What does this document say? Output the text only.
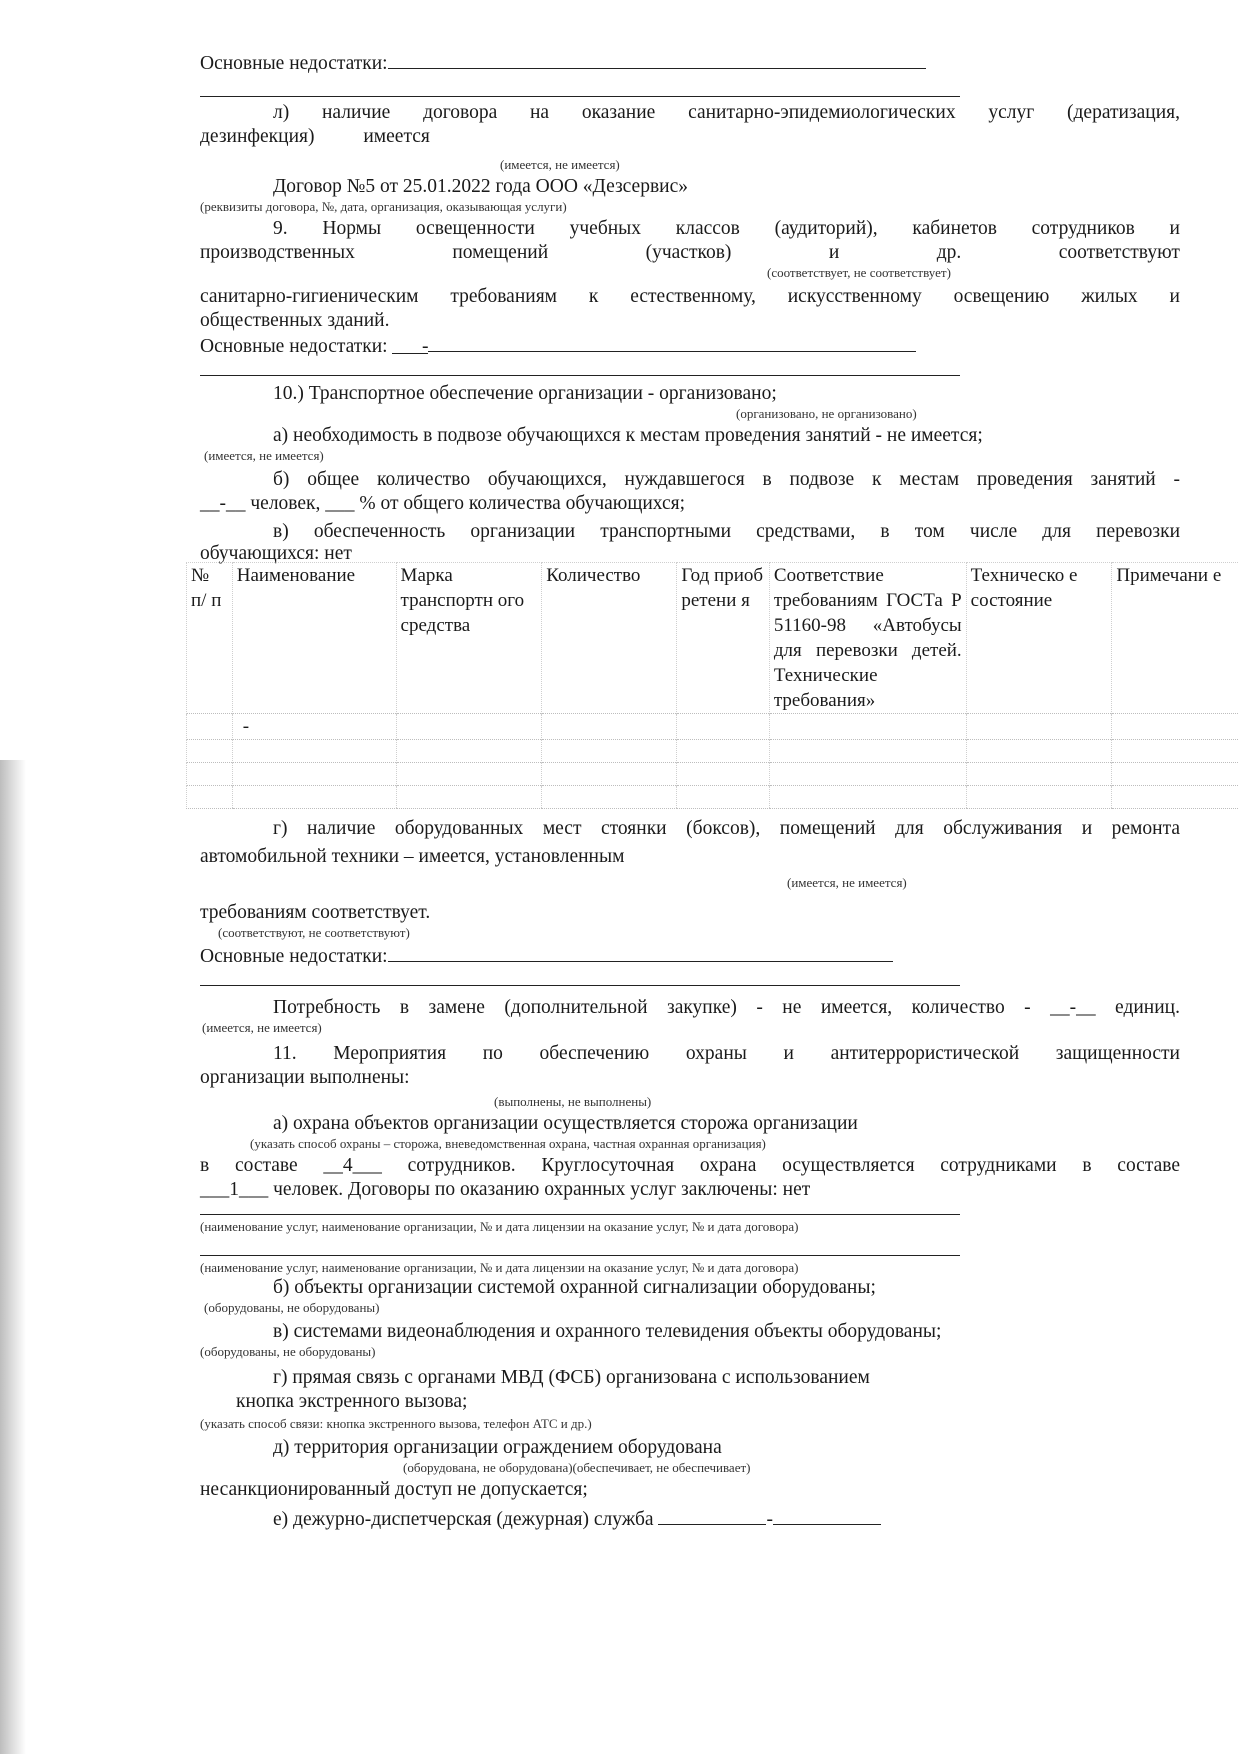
Основные недостатки:

л) наличие договора на оказание санитарно-эпидемиологических услуг (дератизация,

дезинфекция)	имеется

(имеется, не имеется)

Договор №5 от 25.01.2022 года ООО «Дезсервис»

(реквизиты договора, №, дата, организация, оказывающая услуги)

9. Нормы освещенности учебных классов (аудиторий), кабинетов сотрудников и

производственных	помещений	(участков)	и	др.	соответствуют

(соответствует, не соответствует)

санитарно-гигиеническим требованиям к естественному, искусственному освещению жилых и

общественных зданий.

Основные недостатки: -

10.) Транспортное обеспечение организации - организовано;

(организовано, не организовано)

а) необходимость в подвозе обучающихся к местам проведения занятий - не имеется;

(имеется, не имеется)

б) общее количество обучающихся, нуждавшегося в подвозе к местам проведения занятий -

__-__ человек, ___ % от общего количества обучающихся;

в) обеспеченность организации транспортными средствами, в том числе для перевозки

обучающихся: нет

№ п/ п	Наименование	Марка транспортн ого средства	Количество	Год приоб ретени я	Соответствие требованиям ГОСТа Р 51160-98 «Автобусы для перевозки детей. Технические требования»	Техническо е состояние	Примечани е
	-						

г) наличие оборудованных мест стоянки (боксов), помещений для обслуживания и ремонта

автомобильной техники – имеется, установленным

(имеется, не имеется)

требованиям соответствует.

(соответствуют, не соответствуют)

Основные недостатки:

Потребность в замене (дополнительной закупке) - не имеется, количество - __-__ единиц.

(имеется, не имеется)

11. Мероприятия по обеспечению охраны и антитеррористической защищенности

организации выполнены:

(выполнены, не выполнены)

а) охрана объектов организации осуществляется сторожа организации

(указать способ охраны – сторожа, вневедомственная охрана, частная охранная организация)

в составе __4___ сотрудников. Круглосуточная охрана осуществляется сотрудниками в составе

___1___ человек. Договоры по оказанию охранных услуг заключены: нет

(наименование услуг, наименование организации, № и дата лицензии на оказание услуг, № и дата договора)

(наименование услуг, наименование организации, № и дата лицензии на оказание услуг, № и дата договора)

б) объекты организации системой охранной сигнализации оборудованы;

(оборудованы, не оборудованы)

в) системами видеонаблюдения и охранного телевидения объекты оборудованы;

(оборудованы, не оборудованы)

г) прямая связь с органами МВД (ФСБ) организована с использованием

кнопка экстренного вызова;

(указать способ связи: кнопка экстренного вызова, телефон АТС и др.)

д) территория организации ограждением оборудована

(оборудована, не оборудована)(обеспечивает, не обеспечивает)

несанкционированный доступ не допускается;

е) дежурно-диспетчерская (дежурная) служба	-
